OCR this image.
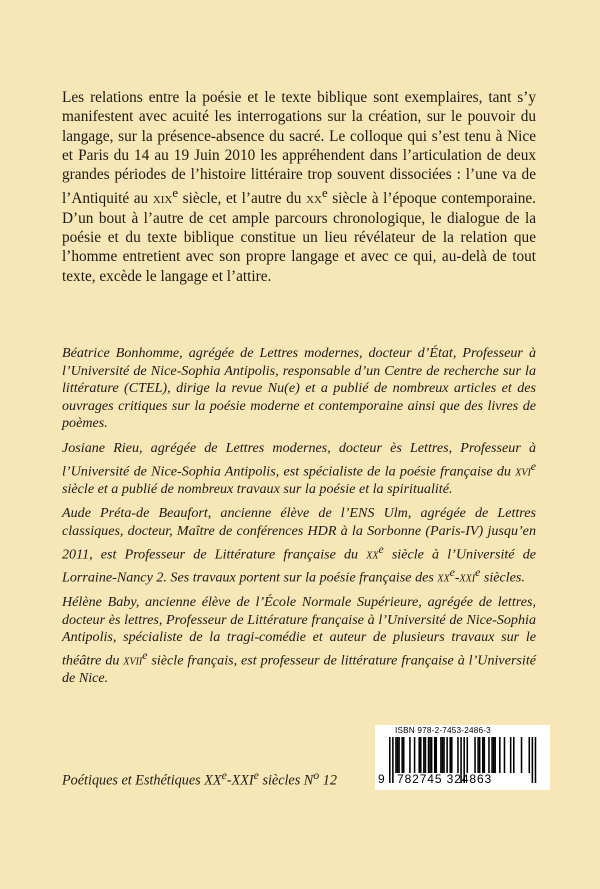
Les relations entre la poésie et le texte biblique sont exemplaires, tant s’y manifestent avec acuité les interrogations sur la création, sur le pouvoir du langage, sur la présence-absence du sacré. Le colloque qui s’est tenu à Nice et Paris du 14 au 19 Juin 2010 les appréhendent dans l’articulation de deux grandes périodes de l’histoire littéraire trop souvent dissociées : l’une va de l’Antiquité au xix$^e$ siècle, et l’autre du $xx^e$ siècle à l’époque contemporaine. D’un bout à l’autre de cet ample parcours chronologique, le dialogue de la poésie et du texte biblique constitue un lieu révélateur de la relation que l’homme entretient avec son propre langage et avec ce qui, au-delà de tout texte, excède le langage et l’attire.

Béatrice Bonhomme, agrégée de Lettres modernes, docteur d’État, Professeur à l’Université de Nice-Sophia Antipolis, responsable d’un Centre de recherche sur la littérature (CTEL), dirige la revue Nu(e) et a publié de nombreux articles et des ouvrages critiques sur la poésie moderne et contemporaine ainsi que des livres de poèmes.

Josiane Rieu, agrégée de Lettres modernes, docteur ès Lettres, Professeur à l’Université de Nice-Sophia Antipolis, est spécialiste de la poésie française du xvi$^e$ siècle et a publié de nombreux travaux sur la poésie et la spiritualité.

Aude Préta-de Beaufort, ancienne élève de l’ENS Ulm, agrégée de Lettres classiques, docteur, Maître de conférences HDR à la Sorbonne (Paris-IV) jusqu’en 2011, est Professeur de Littérature française du $xx^e$ siècle à l’Université de Lorraine-Nancy 2. Ses travaux portent sur la poésie française des $xx^e-xxi^e$ siècles.

Hélène Baby, ancienne élève de l’École Normale Supérieure, agrégée de lettres, docteur ès lettres, Professeur de Littérature française à l’Université de Nice-Sophia Antipolis, spécialiste de la tragi-comédie et auteur de plusieurs travaux sur le théâtre du xvii$^e$ siècle français, est professeur de littérature française à l’Université de Nice.

Poétiques et Esthétiques XXe-XXIe siècles $N^o$ 12
ISBN 978-2-7453-2486-3
9 782745 324863
